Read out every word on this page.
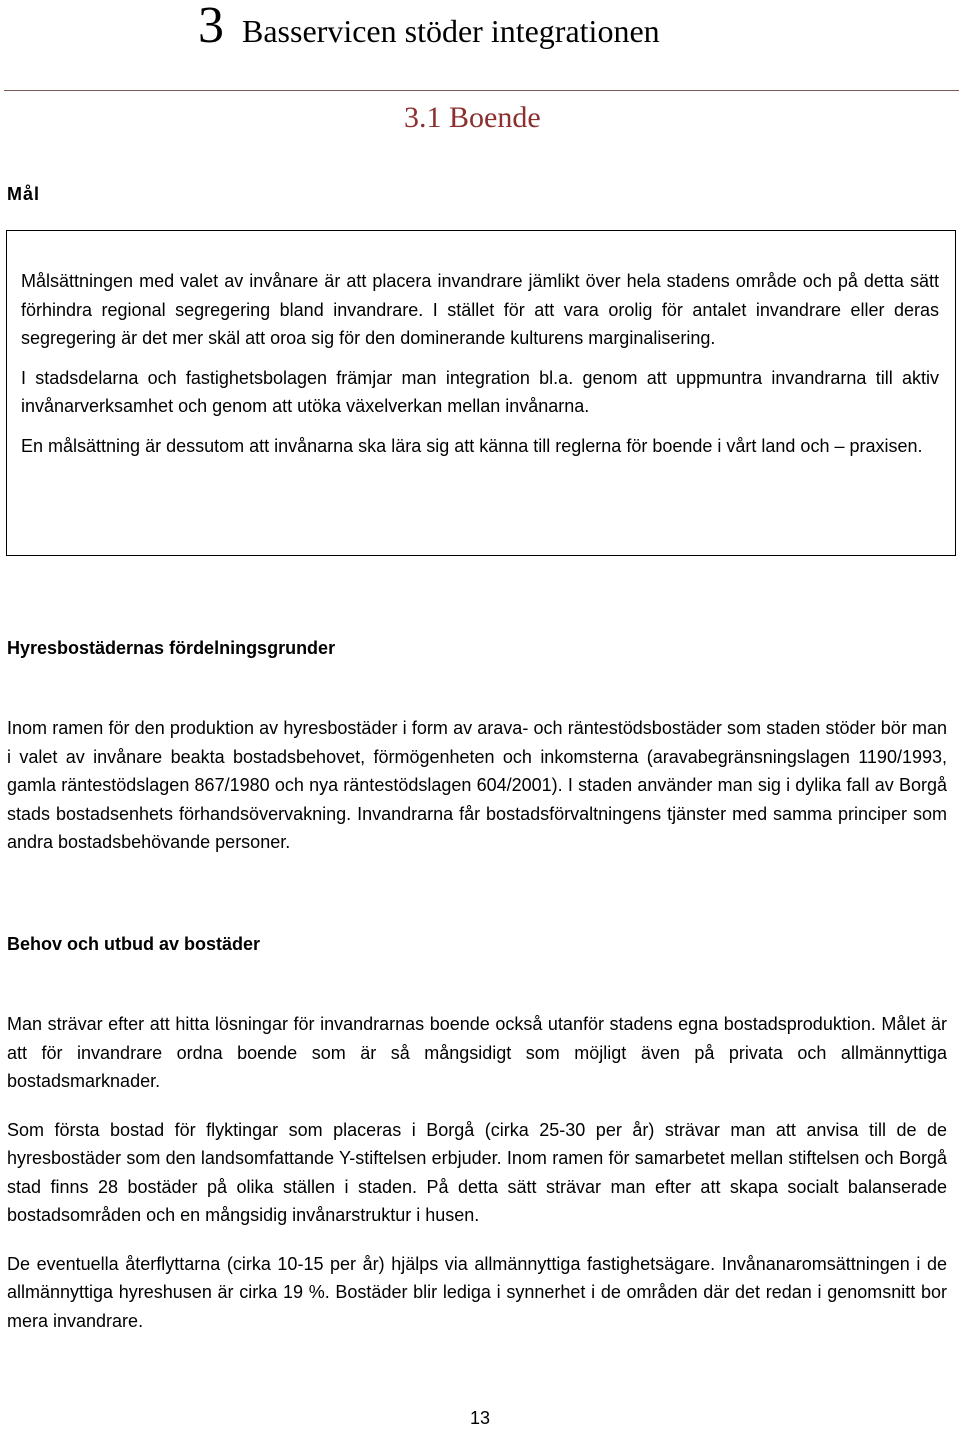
3 Basservicen stöder integrationen
3.1 Boende
Mål

Målsättningen med valet av invånare är att placera invandrare jämlikt över hela stadens område och på detta sätt förhindra regional segregering bland invandrare. I stället för att vara orolig för antalet invandrare eller deras segregering är det mer skäl att oroa sig för den dominerande kulturens marginalisering.

I stadsdelarna och fastighetsbolagen främjar man integration bl.a. genom att uppmuntra invandrarna till aktiv invånarverksamhet och genom att utöka växelverkan mellan invånarna.

En målsättning är dessutom att invånarna ska lära sig att känna till reglerna för boende i vårt land och – praxisen.

Hyresbostädernas fördelningsgrunder

Inom ramen för den produktion av hyresbostäder i form av arava- och räntestödsbostäder som staden stöder bör man i valet av invånare beakta bostadsbehovet, förmögenheten och inkomsterna (aravabegränsningslagen 1190/1993, gamla räntestödslagen 867/1980 och nya räntestödslagen 604/2001). I staden använder man sig i dylika fall av Borgå stads bostadsenhets förhandsövervakning. Invandrarna får bostadsförvaltningens tjänster med samma principer som andra bostadsbehövande personer.

Behov och utbud av bostäder

Man strävar efter att hitta lösningar för invandrarnas boende också utanför stadens egna bostadsproduktion. Målet är att för invandrare ordna boende som är så mångsidigt som möjligt även på privata och allmännyttiga bostadsmarknader.

Som första bostad för flyktingar som placeras i Borgå (cirka 25-30 per år) strävar man att anvisa till de de hyresbostäder som den landsomfattande Y-stiftelsen erbjuder. Inom ramen för samarbetet mellan stiftelsen och Borgå stad finns 28 bostäder på olika ställen i staden. På detta sätt strävar man efter att skapa socialt balanserade bostadsområden och en mångsidig invånarstruktur i husen.

De eventuella återflyttarna (cirka 10-15 per år) hjälps via allmännyttiga fastighetsägare. Invånanaromsättningen i de allmännyttiga hyreshusen är cirka 19 %. Bostäder blir lediga i synnerhet i de områden där det redan i genomsnitt bor mera invandrare.

13
